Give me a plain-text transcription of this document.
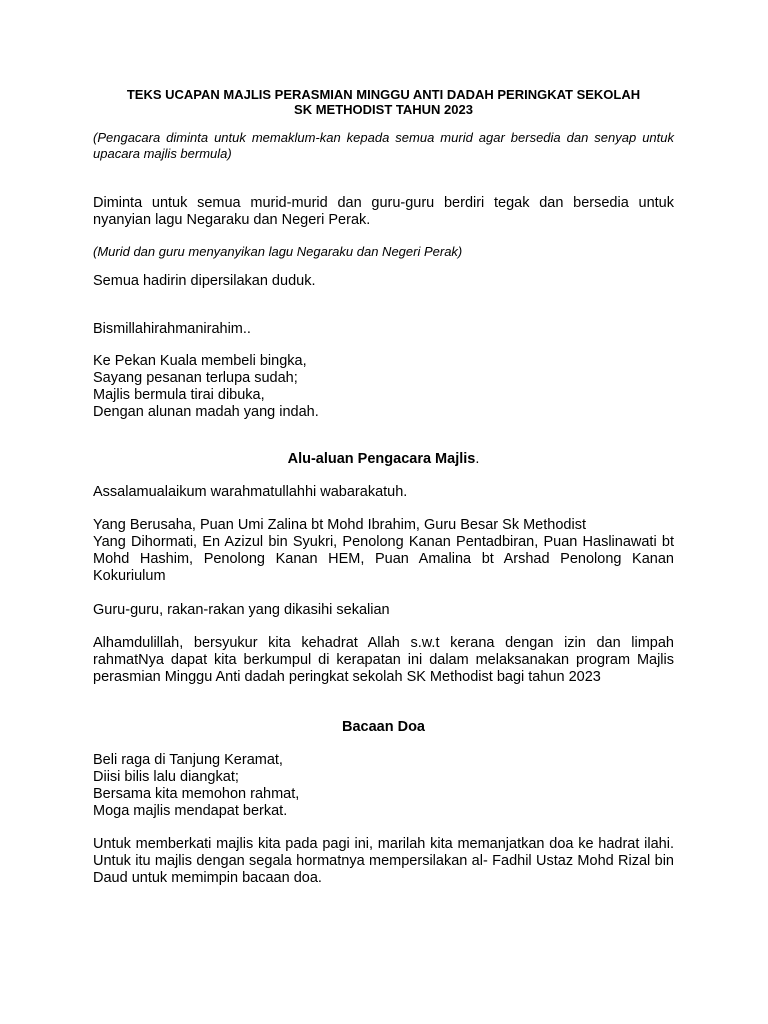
TEKS UCAPAN MAJLIS PERASMIAN MINGGU ANTI DADAH PERINGKAT SEKOLAH
SK METHODIST TAHUN 2023

(Pengacara diminta untuk memaklum-kan kepada semua murid agar bersedia dan senyap untuk upacara majlis bermula)

Diminta untuk semua murid-murid dan guru-guru berdiri tegak dan bersedia untuk nyanyian lagu Negaraku dan Negeri Perak.

(Murid dan guru menyanyikan lagu Negaraku dan Negeri Perak)

Semua hadirin dipersilakan duduk.

Bismillahirahmanirahim..

Ke Pekan Kuala membeli bingka,
Sayang pesanan terlupa sudah;
Majlis bermula tirai dibuka,
Dengan alunan madah yang indah.

Alu-aluan Pengacara Majlis.

Assalamualaikum warahmatullahhi wabarakatuh.

Yang Berusaha, Puan Umi Zalina bt Mohd Ibrahim, Guru Besar Sk Methodist
Yang Dihormati, En Azizul bin Syukri, Penolong Kanan Pentadbiran, Puan Haslinawati bt Mohd Hashim, Penolong Kanan HEM, Puan Amalina bt Arshad Penolong Kanan Kokuriulum

Guru-guru, rakan-rakan yang dikasihi sekalian

Alhamdulillah, bersyukur kita kehadrat Allah s.w.t kerana dengan izin dan limpah rahmatNya dapat kita berkumpul di kerapatan ini dalam melaksanakan program Majlis perasmian Minggu Anti dadah peringkat sekolah SK Methodist bagi tahun 2023

Bacaan Doa

Beli raga di Tanjung Keramat,
Diisi bilis lalu diangkat;
Bersama kita memohon rahmat,
Moga majlis mendapat berkat.

Untuk memberkati majlis kita pada pagi ini, marilah kita memanjatkan doa ke hadrat ilahi. Untuk itu majlis dengan segala hormatnya mempersilakan al- Fadhil Ustaz Mohd Rizal bin Daud untuk memimpin bacaan doa.
